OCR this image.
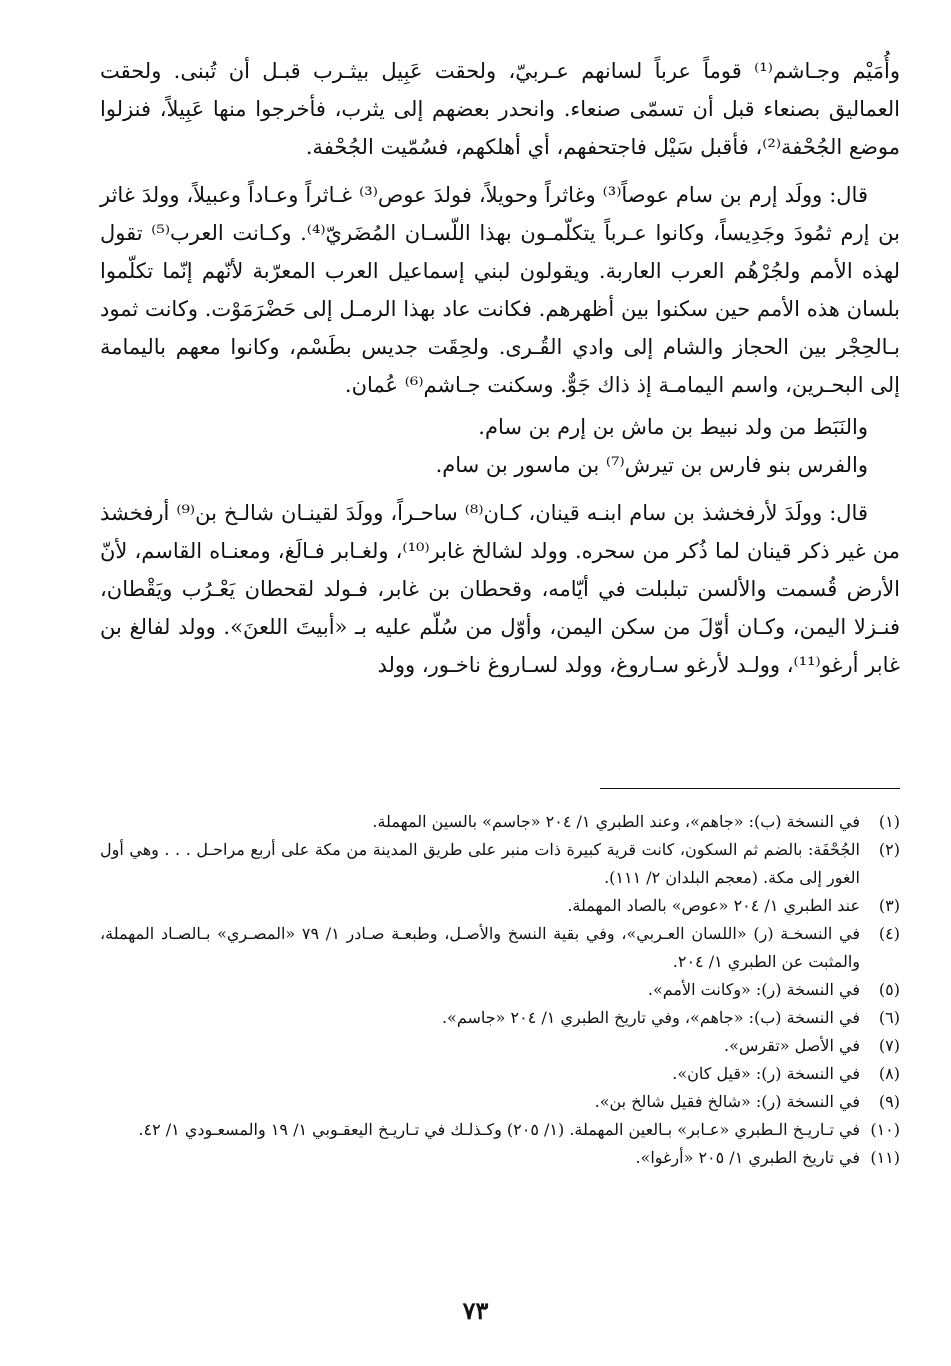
وأُمَيْم وجـاشم⁽¹⁾ قوماً عرباً لسانهم عـربيّ، ولحقت عَبِيل بيثـرب قبـل أن تُبنى. ولحقت العماليق بصنعاء قبل أن تسمّى صنعاء. وانحدر بعضهم إلى يثرب، فأخرجوا منها عَبِيلاً، فنزلوا موضع الجُحْفة⁽²⁾، فأقبل سَيْل فاجتحفهم، أي أهلكهم، فسُمّيت الجُحْفة.

قال: وولَد إرم بن سام عوصاً⁽³⁾ وغاثراً وحويلاً، فولدَ عوص⁽³⁾ غـاثراً وعـاداً وعبيلاً، وولدَ غاثر بن إرم ثمُودَ وجَدِيساً، وكانوا عـرباً يتكلّمـون بهذا اللّسـان المُضَريّ⁽⁴⁾. وكـانت العرب⁽⁵⁾ تقول لهذه الأمم ولجُرْهُم العرب العاربة. ويقولون لبني إسماعيل العرب المعرّبة لأنّهم إنّما تكلّموا بلسان هذه الأمم حين سكنوا بين أظهرهم. فكانت عاد بهذا الرمـل إلى حَضْرَمَوْت. وكانت ثمود بـالحِجْر بين الحجاز والشام إلى وادي القُـرى. ولحِقَت جديس بطَسْم، وكانوا معهم باليمامة إلى البحـرين، واسم اليمامـة إذ ذاك جَوٌّ. وسكنت جـاشم⁽⁶⁾ عُمان.

والنَبَط من ولد نبيط بن ماش بن إرم بن سام.

والفرس بنو فارس بن تيرش⁽⁷⁾ بن ماسور بن سام.

قال: وولَدَ لأرفخشذ بن سام ابنـه قينان، كـان⁽⁸⁾ ساحـراً، وولَدَ لقينـان شالـخ بن⁽⁹⁾ أرفخشذ من غير ذكر قينان لما ذُكر من سحره. وولد لشالخ غابر⁽¹⁰⁾، ولغـابر فـالَغ، ومعنـاه القاسم، لأنّ الأرض قُسمت والألسن تبلبلت في أيّامه، وقحطان بن غابر، فـولد لقحطان يَعْـرُب ويَقْطان، فنـزلا اليمن، وكـان أوّلَ من سكن اليمن، وأوّل من سُلّم عليه بـ «أبيتَ اللعنَ». وولد لفالغ بن غابر أرغو⁽¹¹⁾، وولـد لأرغو سـاروغ، وولد لسـاروغ ناخـور، وولد

(١)
في النسخة (ب): «جاهم»، وعند الطبري ١/ ٢٠٤ «جاسم» بالسين المهملة.
(٢)
الجُحْفَة: بالضم ثم السكون، كانت قرية كبيرة ذات منبر على طريق المدينة من مكة على أربع مراحـل . . . وهي أول الغور إلى مكة. (معجم البلدان ٢/ ١١١).
(٣)
عند الطبري ١/ ٢٠٤ «عوص» بالصاد المهملة.
(٤)
في النسخـة (ر) «اللسان العـربي»، وفي بقية النسخ والأصـل، وطبعـة صـادر ١/ ٧٩ «المصـري» بـالصـاد المهملة، والمثبت عن الطبري ١/ ٢٠٤.
(٥)
في النسخة (ر): «وكانت الأمم».
(٦)
في النسخة (ب): «جاهم»، وفي تاريخ الطبري ١/ ٢٠٤ «جاسم».
(٧)
في الأصل «تقرس».
(٨)
في النسخة (ر): «قيل كان».
(٩)
في النسخة (ر): «شالخ فقيل شالخ بن».
(١٠)
في تـاريـخ الـطبري «عـابر» بـالعين المهملة. (١/ ٢٠٥) وكـذلـك في تـاريـخ اليعقـوبي ١/ ١٩ والمسعـودي ١/ ٤٢.
(١١)
في تاريخ الطبري ١/ ٢٠٥ «أرغوا».
٧٣
